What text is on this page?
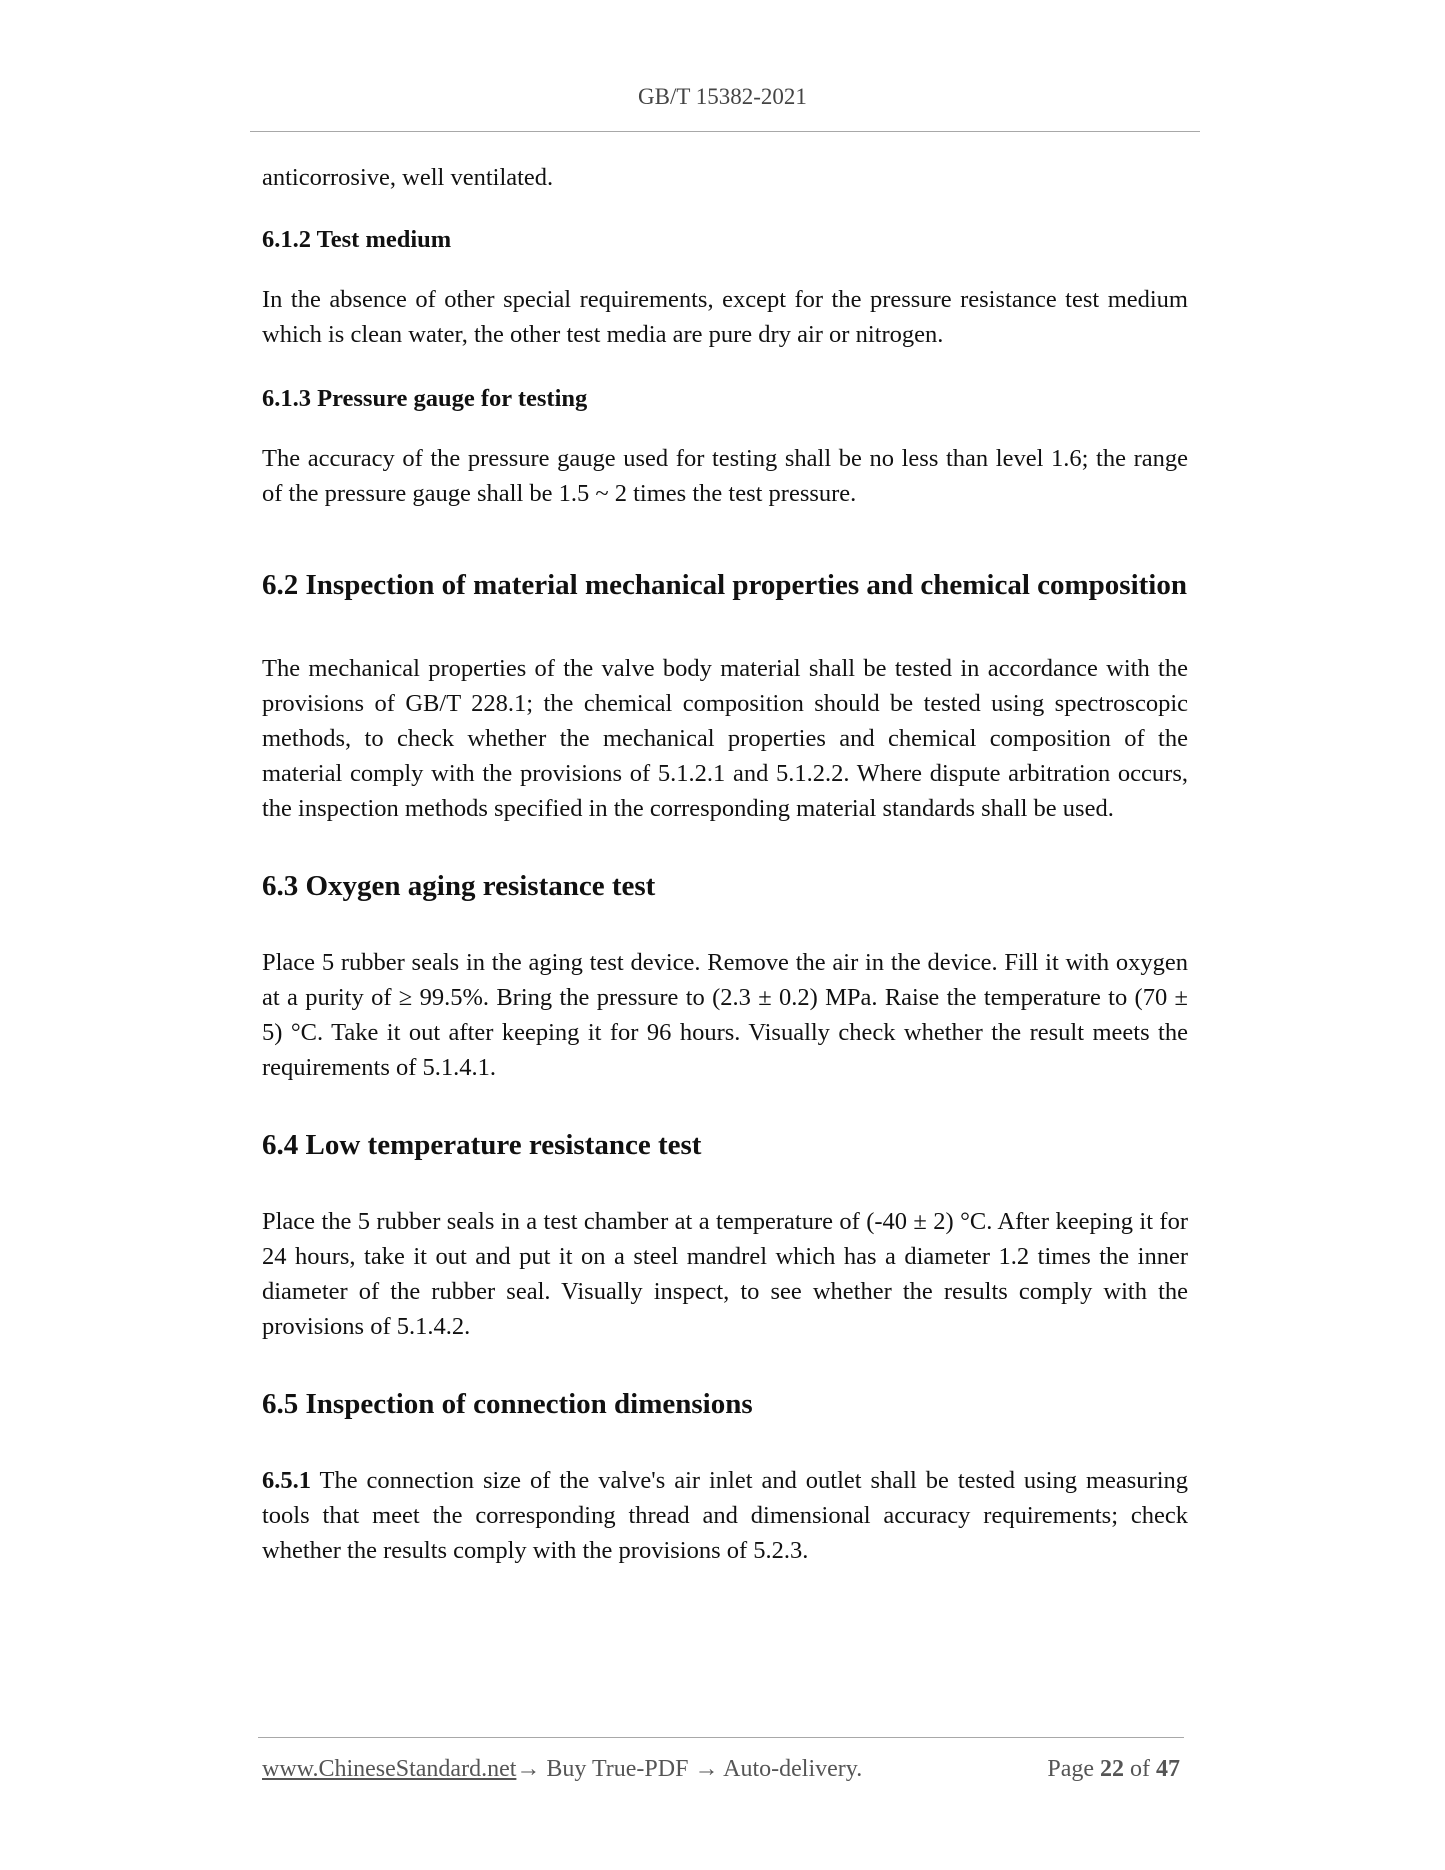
GB/T 15382-2021

anticorrosive, well ventilated.

6.1.2 Test medium

In the absence of other special requirements, except for the pressure resistance test medium which is clean water, the other test media are pure dry air or nitrogen.

6.1.3 Pressure gauge for testing

The accuracy of the pressure gauge used for testing shall be no less than level 1.6; the range of the pressure gauge shall be 1.5 ~ 2 times the test pressure.

6.2 Inspection of material mechanical properties and chemical composition

The mechanical properties of the valve body material shall be tested in accordance with the provisions of GB/T 228.1; the chemical composition should be tested using spectroscopic methods, to check whether the mechanical properties and chemical composition of the material comply with the provisions of 5.1.2.1 and 5.1.2.2. Where dispute arbitration occurs, the inspection methods specified in the corresponding material standards shall be used.

6.3 Oxygen aging resistance test

Place 5 rubber seals in the aging test device. Remove the air in the device. Fill it with oxygen at a purity of ≥ 99.5%. Bring the pressure to (2.3 ± 0.2) MPa. Raise the temperature to (70 ± 5) °C. Take it out after keeping it for 96 hours. Visually check whether the result meets the requirements of 5.1.4.1.

6.4 Low temperature resistance test

Place the 5 rubber seals in a test chamber at a temperature of (-40 ± 2) °C. After keeping it for 24 hours, take it out and put it on a steel mandrel which has a diameter 1.2 times the inner diameter of the rubber seal. Visually inspect, to see whether the results comply with the provisions of 5.1.4.2.

6.5 Inspection of connection dimensions

6.5.1 The connection size of the valve's air inlet and outlet shall be tested using measuring tools that meet the corresponding thread and dimensional accuracy requirements; check whether the results comply with the provisions of 5.2.3.

www.ChineseStandard.net→ Buy True-PDF → Auto-delivery.	Page 22 of 47
